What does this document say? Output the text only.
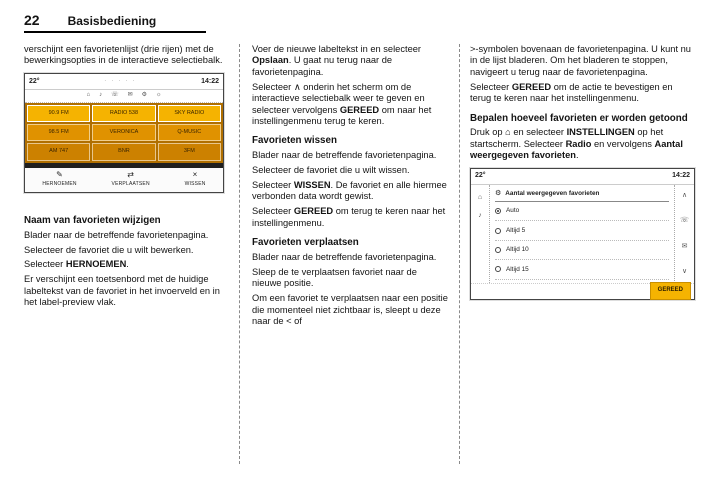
22 Basisbediening

verschijnt een favorietenlijst (drie rijen) met de bewerkingsopties in de interactieve selectiebalk.

22°	· · · · ·	14:22
⌂ ♪ ☏ ✉ ⚙ ☼
90.9 FM	RADIO 538	SKY RADIO
98.5 FM	VERONICA	Q-MUSIC
AM 747	BNR	3FM
✎
HERNOEMEN
⇄
VERPLAATSEN
×
WISSEN
Naam van favorieten wijzigen

Blader naar de betreffende favorietenpagina.

Selecteer de favoriet die u wilt bewerken.

Selecteer HERNOEMEN.

Er verschijnt een toetsenbord met de huidige labeltekst van de favoriet in het invoerveld en in het label-preview vlak.

Voer de nieuwe labeltekst in en selecteer Opslaan. U gaat nu terug naar de favorietenpagina.

Selecteer ∧ onderin het scherm om de interactieve selectiebalk weer te geven en selecteer vervolgens GEREED om naar het instellingenmenu terug te keren.

Favorieten wissen

Blader naar de betreffende favorietenpagina.

Selecteer de favoriet die u wilt wissen.

Selecteer WISSEN. De favoriet en alle hiermee verbonden data wordt gewist.

Selecteer GEREED om terug te keren naar het instellingenmenu.

Favorieten verplaatsen

Blader naar de betreffende favorietenpagina.

Sleep de te verplaatsen favoriet naar de nieuwe positie.

Om een favoriet te verplaatsen naar een positie die momenteel niet zichtbaar is, sleept u deze naar de < of

>-symbolen bovenaan de favorietenpagina. U kunt nu in de lijst bladeren. Om het bladeren te stoppen, navigeert u terug naar de favorietenpagina.

Selecteer GEREED om de actie te bevestigen en terug te keren naar het instellingenmenu.

Bepalen hoeveel favorieten er worden getoond

Druk op ⌂ en selecteer INSTELLINGEN op het startscherm. Selecteer Radio en vervolgens Aantal weergegeven favorieten.

22°	14:22
⌂
♪
⚙ Aantal weergegeven favorieten
Auto
Altijd 5
Altijd 10
Altijd 15
∧
☏
✉
∨
GEREED
